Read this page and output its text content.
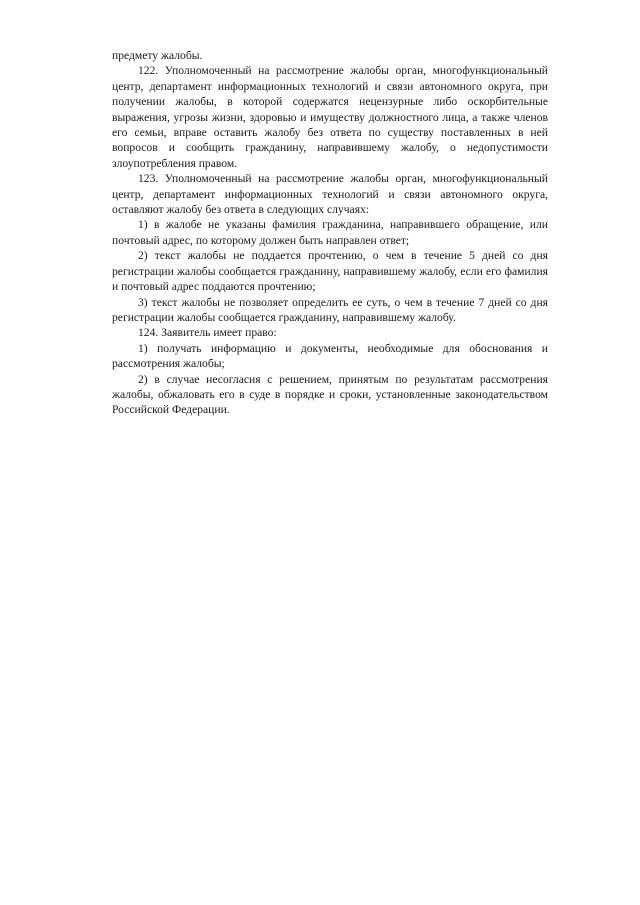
предмету жалобы.

122. Уполномоченный на рассмотрение жалобы орган, многофункциональный центр, департамент информационных технологий и связи автономного округа, при получении жалобы, в которой содержатся нецензурные либо оскорбительные выражения, угрозы жизни, здоровью и имуществу должностного лица, а также членов его семьи, вправе оставить жалобу без ответа по существу поставленных в ней вопросов и сообщить гражданину, направившему жалобу, о недопустимости злоупотребления правом.

123. Уполномоченный на рассмотрение жалобы орган, многофункциональный центр, департамент информационных технологий и связи автономного округа, оставляют жалобу без ответа в следующих случаях:

1) в жалобе не указаны фамилия гражданина, направившего обращение, или почтовый адрес, по которому должен быть направлен ответ;

2) текст жалобы не поддается прочтению, о чем в течение 5 дней со дня регистрации жалобы сообщается гражданину, направившему жалобу, если его фамилия и почтовый адрес поддаются прочтению;

3) текст жалобы не позволяет определить ее суть, о чем в течение 7 дней со дня регистрации жалобы сообщается гражданину, направившему жалобу.

124. Заявитель имеет право:

1) получать информацию и документы, необходимые для обоснования и рассмотрения жалобы;

2) в случае несогласия с решением, принятым по результатам рассмотрения жалобы, обжаловать его в суде в порядке и сроки, установленные законодательством Российской Федерации.
